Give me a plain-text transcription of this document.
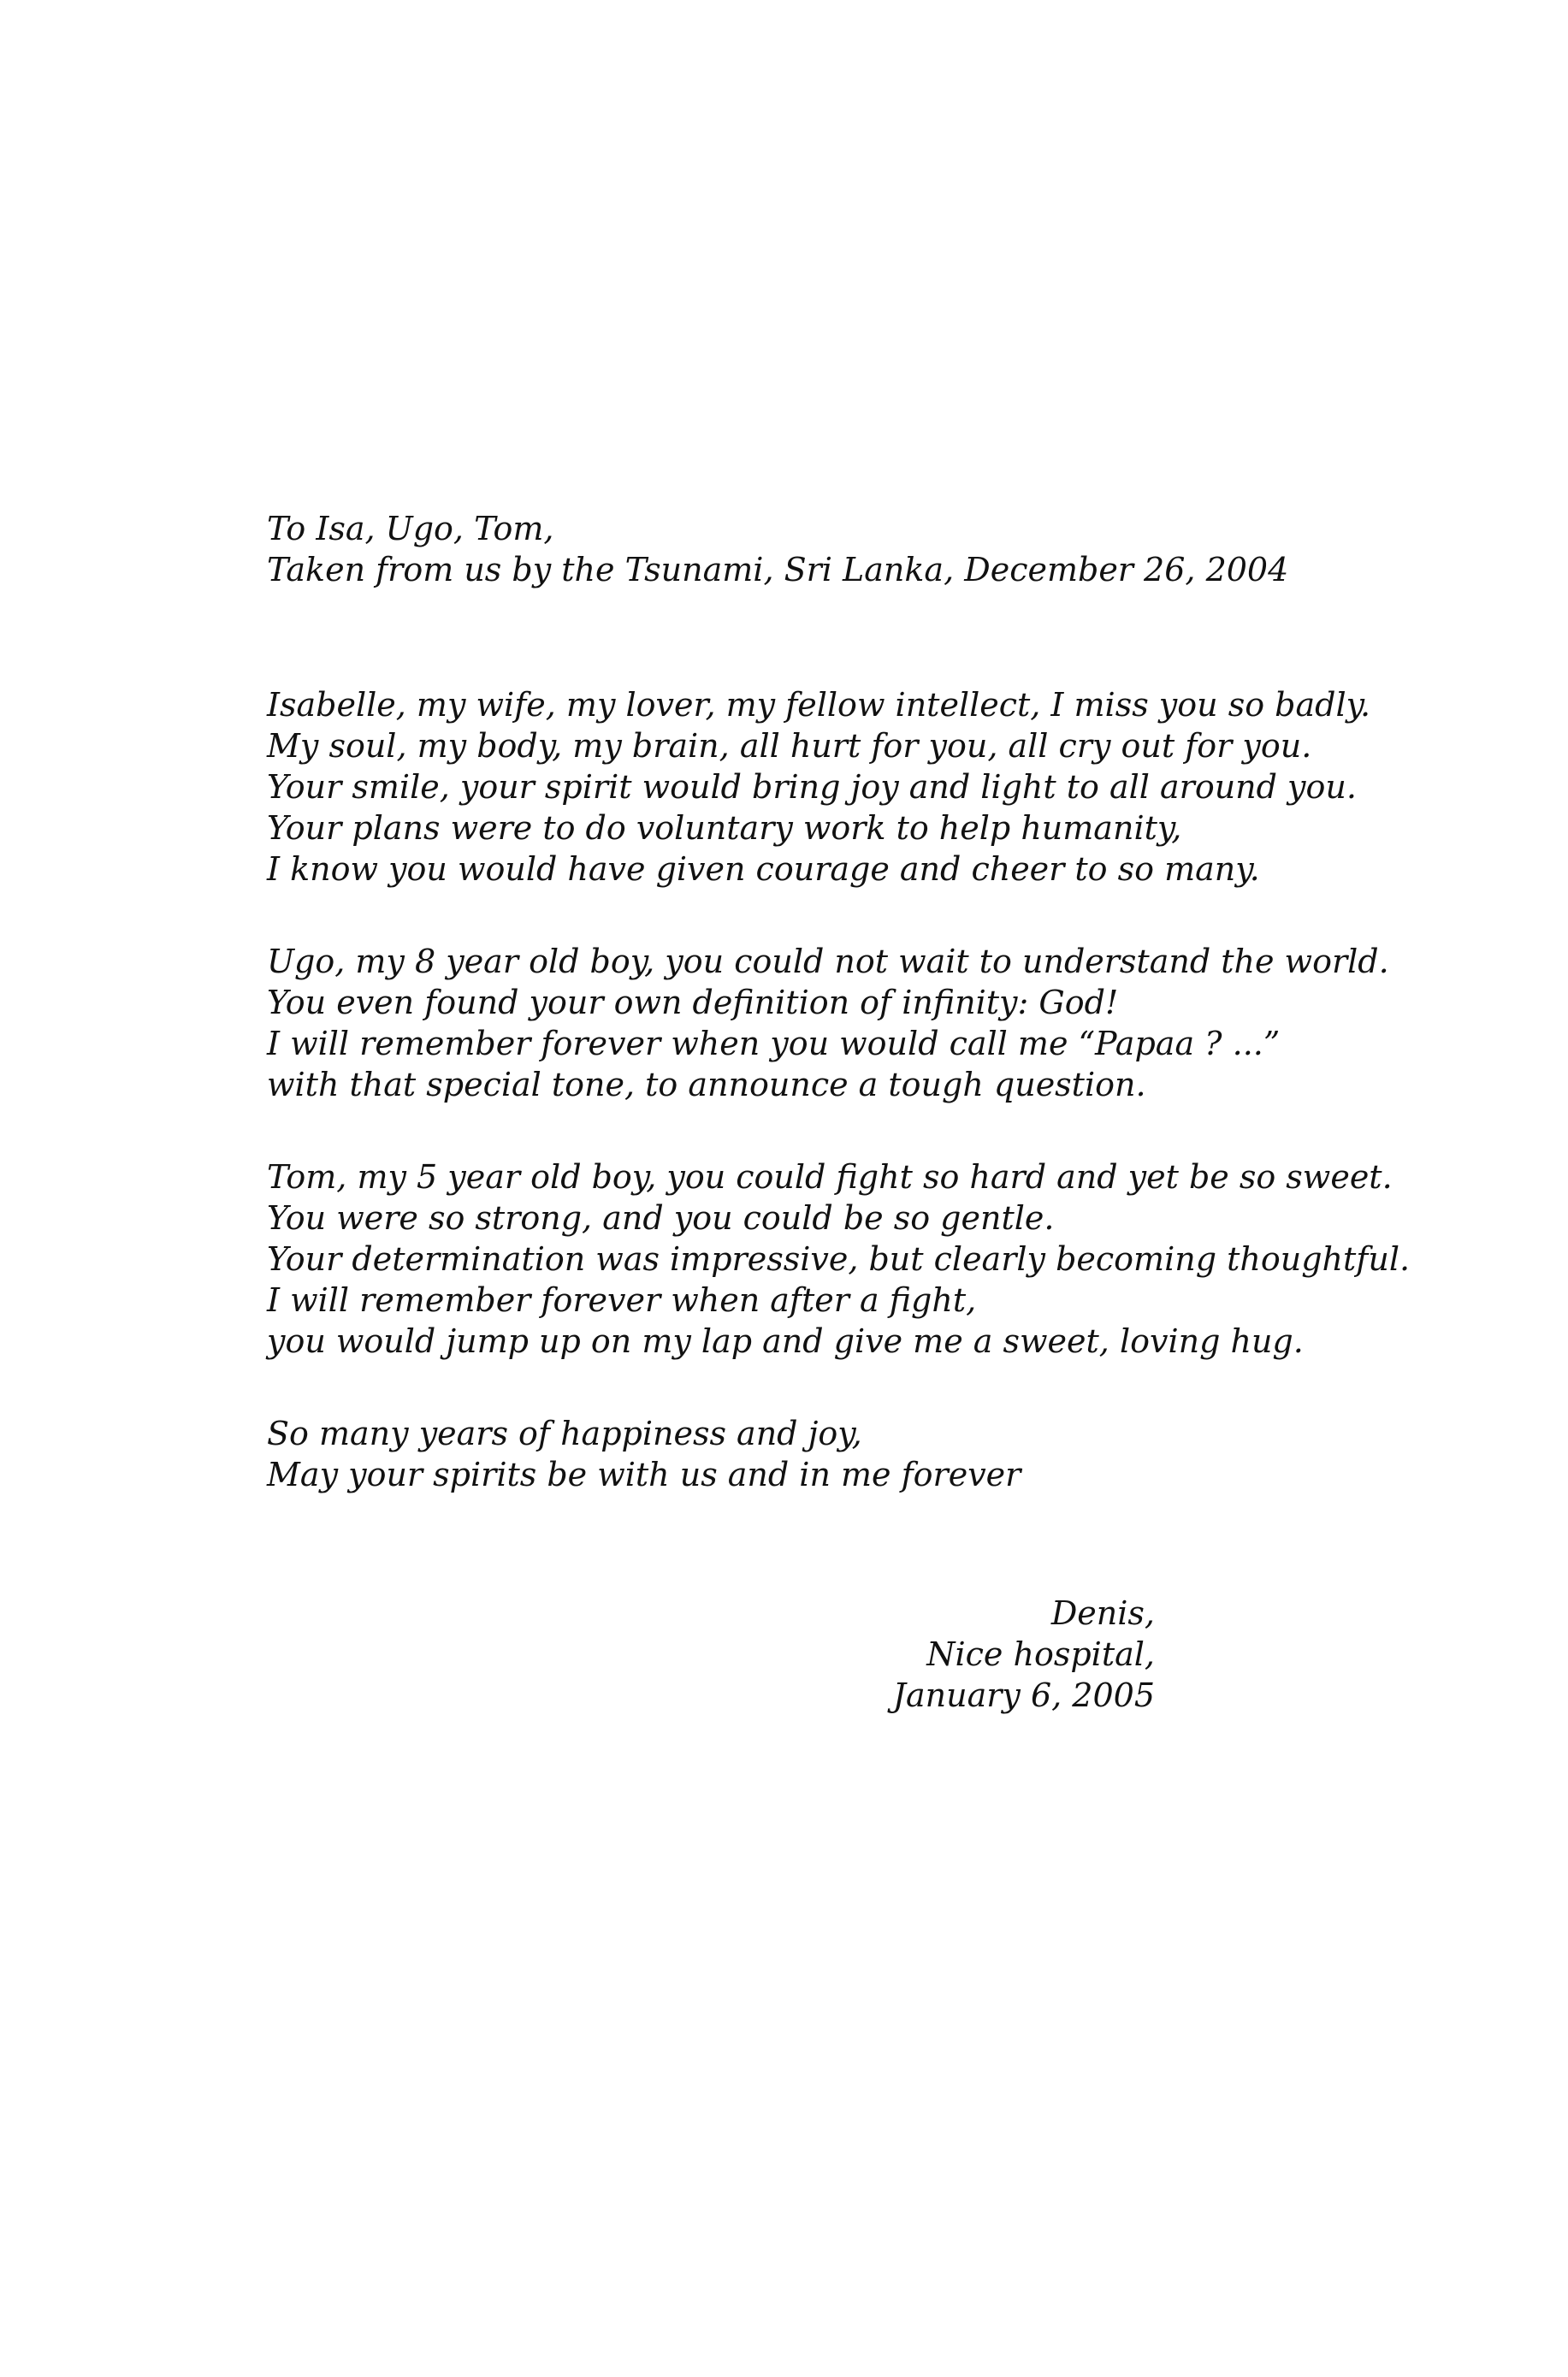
To Isa, Ugo, Tom,
Taken from us by the Tsunami, Sri Lanka, December 26, 2004
Isabelle, my wife, my lover, my fellow intellect, I miss you so badly.
My soul, my body, my brain, all hurt for you, all cry out for you.
Your smile, your spirit would bring joy and light to all around you.
Your plans were to do voluntary work to help humanity,
I know you would have given courage and cheer to so many.
Ugo, my 8 year old boy, you could not wait to understand the world.
You even found your own definition of infinity: God!
I will remember forever when you would call me “Papaa ? ...”
with that special tone, to announce a tough question.
Tom, my 5 year old boy, you could fight so hard and yet be so sweet.
You were so strong, and you could be so gentle.
Your determination was impressive, but clearly becoming thoughtful.
I will remember forever when after a fight,
you would jump up on my lap and give me a sweet, loving hug.
So many years of happiness and joy,
May your spirits be with us and in me forever
Denis,
Nice hospital,
January 6, 2005
